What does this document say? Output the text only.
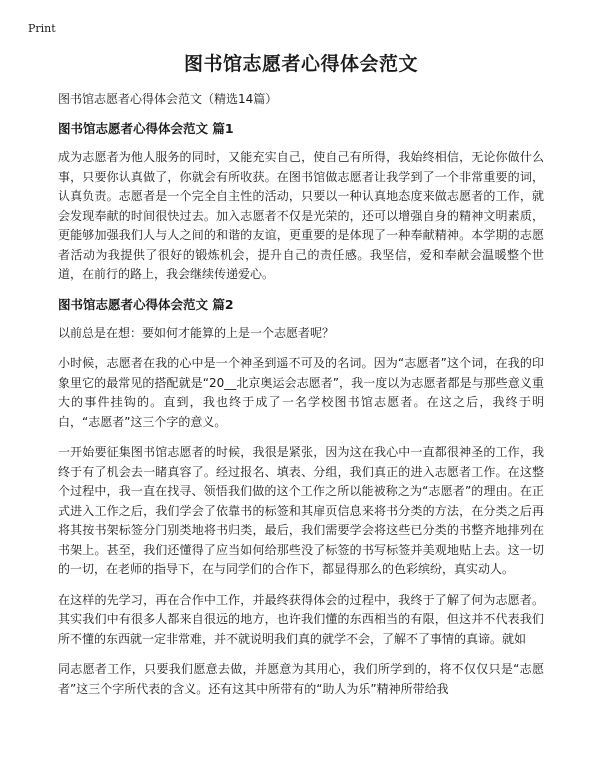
Print
图书馆志愿者心得体会范文
图书馆志愿者心得体会范文（精选14篇）
图书馆志愿者心得体会范文 篇1

成为志愿者为他人服务的同时，又能充实自己，使自己有所得，我始终相信，无论你做什么事，只要你认真做了，你就会有所收获。在图书馆做志愿者让我学到了一个非常重要的词，认真负责。志愿者是一个完全自主性的活动，只要以一种认真地态度来做志愿者的工作，就会发现奉献的时间很快过去。加入志愿者不仅是光荣的，还可以增强自身的精神文明素质，更能够加强我们人与人之间的和谐的友谊，更重要的是体现了一种奉献精神。本学期的志愿者活动为我提供了很好的锻炼机会，提升自己的责任感。我坚信，爱和奉献会温暖整个世道，在前行的路上，我会继续传递爱心。

图书馆志愿者心得体会范文 篇2

以前总是在想：要如何才能算的上是一个志愿者呢？

小时候，志愿者在我的心中是一个神圣到遥不可及的名词。因为“志愿者”这个词，在我的印象里它的最常见的搭配就是“20__北京奥运会志愿者”，我一度以为志愿者都是与那些意义重大的事件挂钩的。直到，我也终于成了一名学校图书馆志愿者。在这之后，我终于明白，“志愿者”这三个字的意义。

一开始要征集图书馆志愿者的时候，我很是紧张，因为这在我心中一直都很神圣的工作，我终于有了机会去一睹真容了。经过报名、填表、分组，我们真正的进入志愿者工作。在这整个过程中，我一直在找寻、领悟我们做的这个工作之所以能被称之为“志愿者”的理由。在正式进入工作之后，我们学会了依靠书的标签和其扉页信息来将书分类的方法，在分类之后再将其按书架标签分门别类地将书归类，最后，我们需要学会将这些已分类的书整齐地排列在书架上。甚至，我们还懂得了应当如何给那些没了标签的书写标签并美观地贴上去。这一切的一切，在老师的指导下，在与同学们的合作下，都显得那么的色彩缤纷，真实动人。

在这样的先学习，再在合作中工作，并最终获得体会的过程中，我终于了解了何为志愿者。其实我们中有很多人都来自很远的地方，也许我们懂的东西相当的有限，但这并不代表我们所不懂的东西就一定非常难，并不就说明我们真的就学不会，了解不了事情的真谛。就如

同志愿者工作，只要我们愿意去做，并愿意为其用心，我们所学到的，将不仅仅只是“志愿者”这三个字所代表的含义。还有这其中所带有的“助人为乐”精神所带给我
